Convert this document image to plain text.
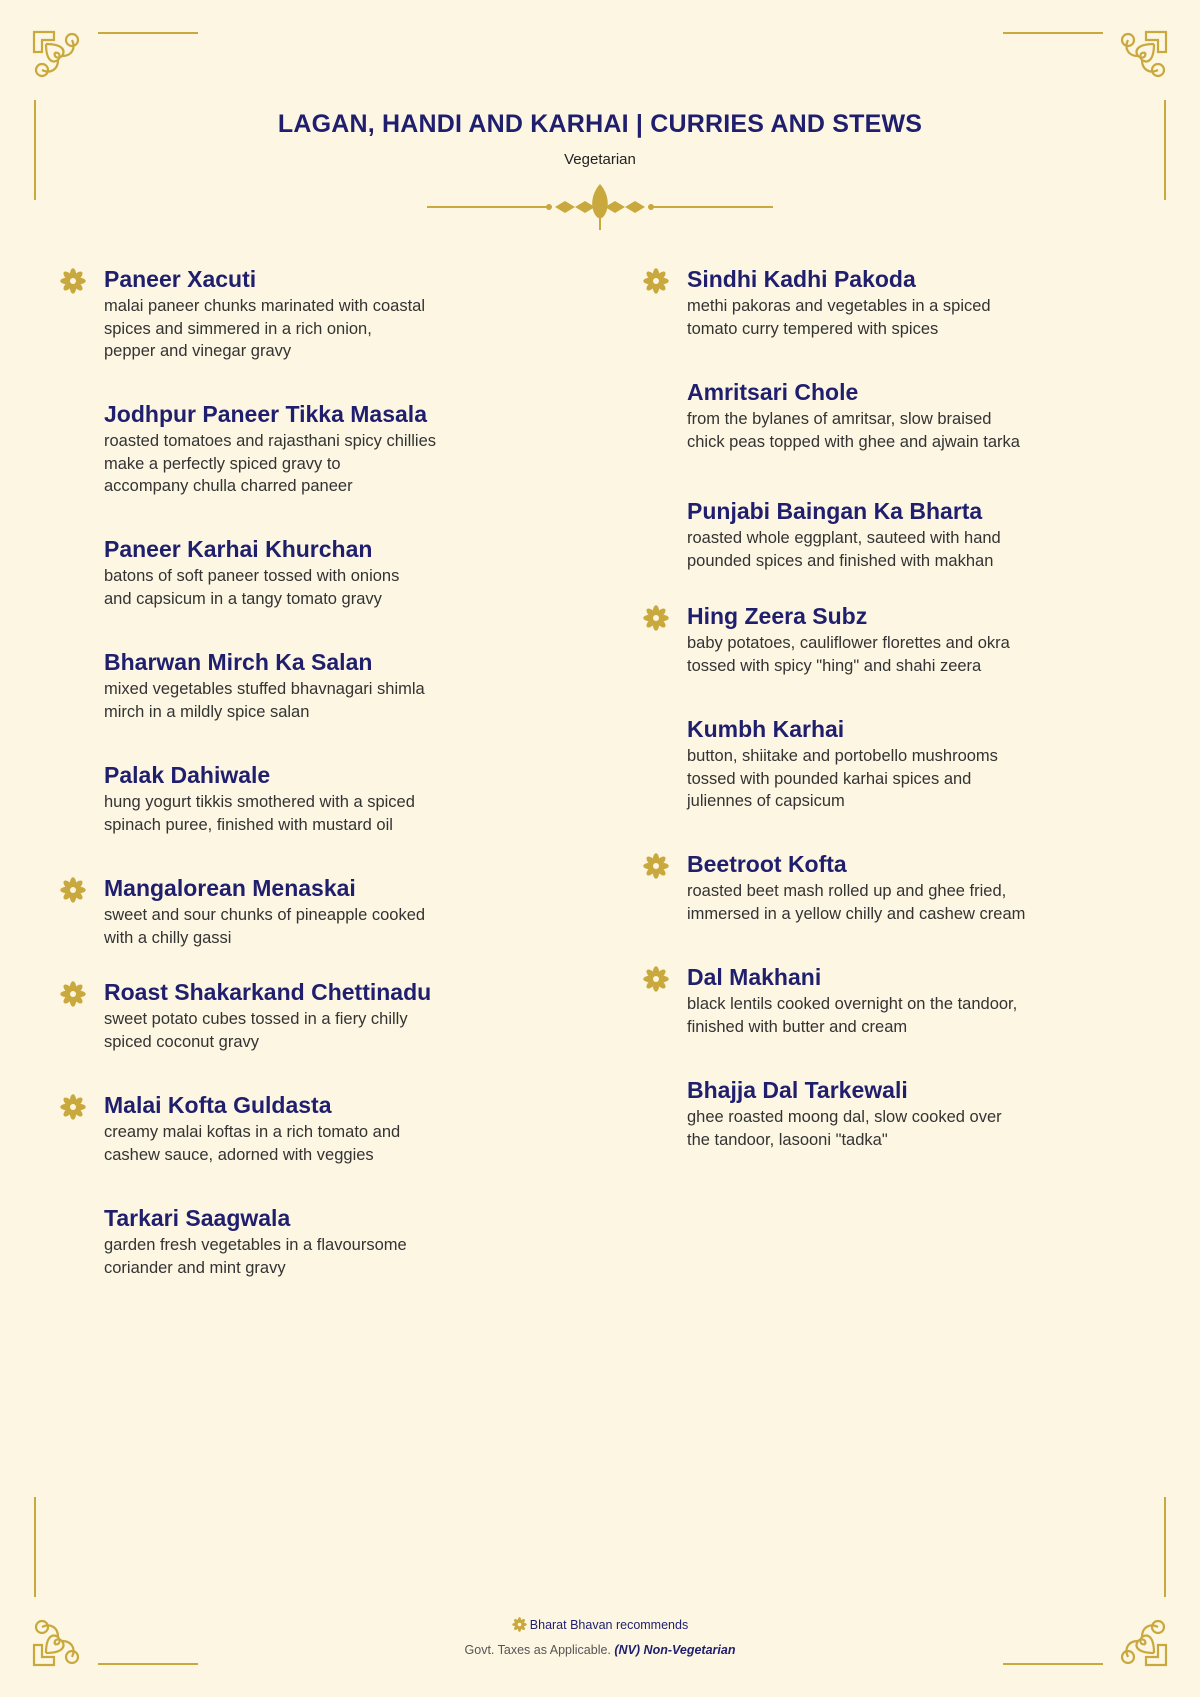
LAGAN, HANDI AND KARHAI | CURRIES AND STEWS
Vegetarian
Paneer Xacuti
malai paneer chunks marinated with coastal
spices and simmered in a rich onion,
pepper and vinegar gravy
Jodhpur Paneer Tikka Masala
roasted tomatoes and rajasthani spicy chillies
make a perfectly spiced gravy to
accompany chulla charred paneer
Paneer Karhai Khurchan
batons of soft paneer tossed with onions
and capsicum in a tangy tomato gravy
Bharwan Mirch Ka Salan
mixed vegetables stuffed bhavnagari shimla
mirch in a mildly spice salan
Palak Dahiwale
hung yogurt tikkis smothered with a spiced
spinach puree, finished with mustard oil
Mangalorean Menaskai
sweet and sour chunks of pineapple cooked
with a chilly gassi
Roast Shakarkand Chettinadu
sweet potato cubes tossed in a fiery chilly
spiced coconut gravy
Malai Kofta Guldasta
creamy malai koftas in a rich tomato and
cashew sauce, adorned with veggies
Tarkari Saagwala
garden fresh vegetables in a flavoursome
coriander and mint gravy
Sindhi Kadhi Pakoda
methi pakoras and vegetables in a spiced
tomato curry tempered with spices
Amritsari Chole
from the bylanes of amritsar, slow braised
chick peas topped with ghee and ajwain tarka
Punjabi Baingan Ka Bharta
roasted whole eggplant, sauteed with hand
pounded spices and finished with makhan
Hing Zeera Subz
baby potatoes, cauliflower florettes and okra
tossed with spicy "hing" and shahi zeera
Kumbh Karhai
button, shiitake and portobello mushrooms
tossed with pounded karhai spices and
juliennes of capsicum
Beetroot Kofta
roasted beet mash rolled up and ghee fried,
immersed in a yellow chilly and cashew cream
Dal Makhani
black lentils cooked overnight on the tandoor,
finished with butter and cream
Bhajja Dal Tarkewali
ghee roasted moong dal, slow cooked over
the tandoor, lasooni "tadka"
Bharat Bhavan recommends
Govt. Taxes as Applicable. (NV) Non-Vegetarian
